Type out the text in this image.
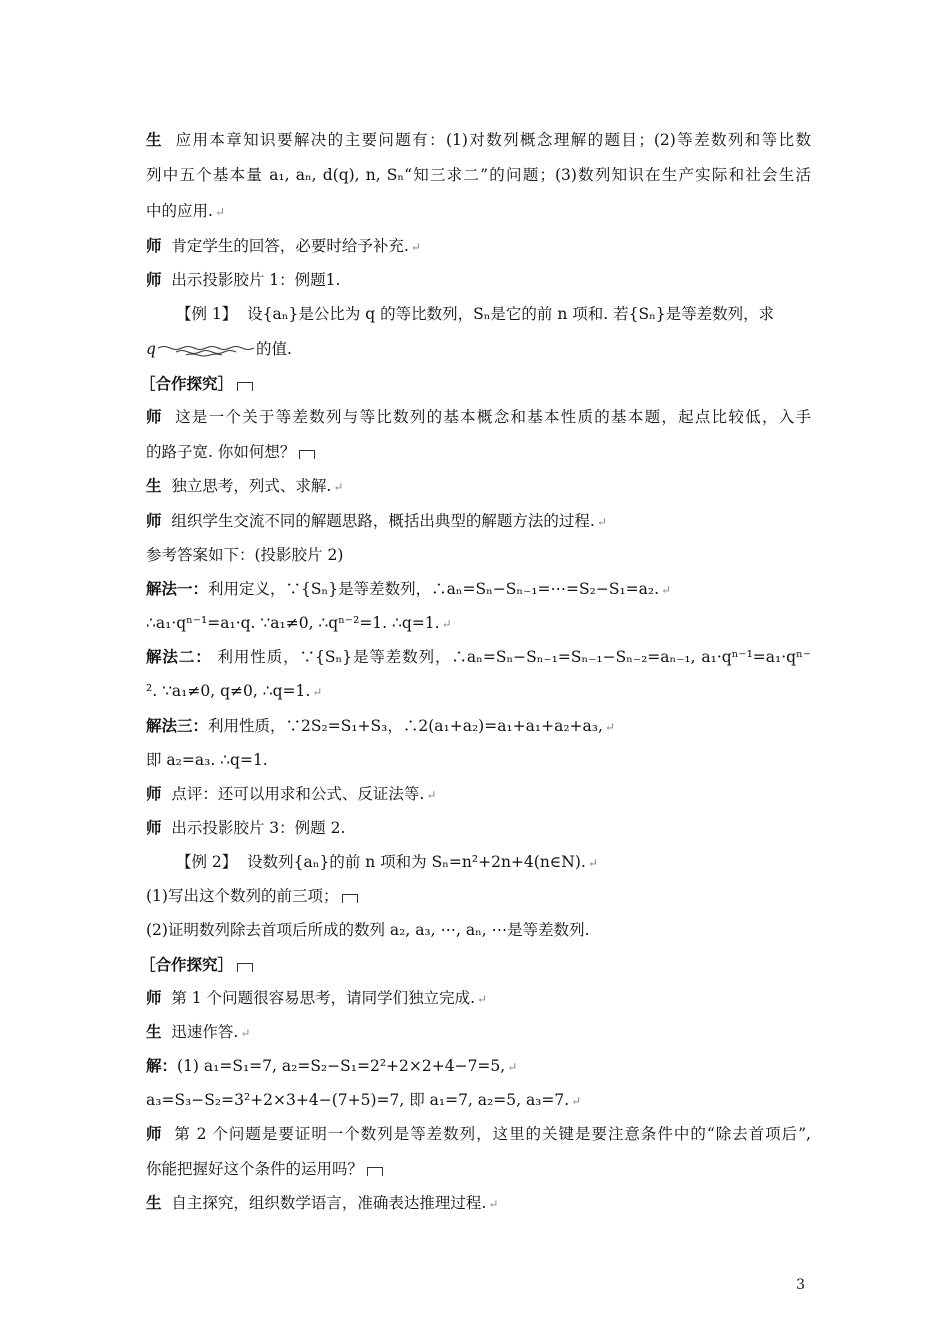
生 应用本章知识要解决的主要问题有：(1)对数列概念理解的题目；(2)等差数列和等比数
列中五个基本量 a₁, aₙ, d(q), n, Sₙ“知三求二”的问题；(3)数列知识在生产实际和社会生活
中的应用. ↵
师 肯定学生的回答，必要时给予补充. ↵
师 出示投影胶片 1：例题1.
【例 1】 设{aₙ}是公比为 q 的等比数列，Sₙ是它的前 n 项和. 若{Sₙ}是等差数列，求
q	的值.
［合作探究］
师 这是一个关于等差数列与等比数列的基本概念和基本性质的基本题，起点比较低，入手
的路子宽. 你如何想？
生 独立思考，列式、求解. ↵
师 组织学生交流不同的解题思路，概括出典型的解题方法的过程. ↵
参考答案如下：(投影胶片 2)
解法一：利用定义，∵{Sₙ}是等差数列，∴aₙ=Sₙ−Sₙ₋₁=⋯=S₂−S₁=a₂. ↵
∴a₁·qⁿ⁻¹=a₁·q. ∵a₁≠0, ∴qⁿ⁻²=1. ∴q=1. ↵
解法二： 利用性质，∵{Sₙ}是等差数列，∴aₙ=Sₙ−Sₙ₋₁=Sₙ₋₁−Sₙ₋₂=aₙ₋₁, a₁·qⁿ⁻¹=a₁·qⁿ⁻
². ∵a₁≠0, q≠0, ∴q=1. ↵
解法三：利用性质，∵2S₂=S₁+S₃，∴2(a₁+a₂)=a₁+a₁+a₂+a₃, ↵
即 a₂=a₃. ∴q=1.
师 点评：还可以用求和公式、反证法等. ↵
师 出示投影胶片 3：例题 2.
【例 2】 设数列{aₙ}的前 n 项和为 Sₙ=n²+2n+4(n∈N). ↵
(1)写出这个数列的前三项；
(2)证明数列除去首项后所成的数列 a₂, a₃, ⋯, aₙ, ⋯是等差数列.
［合作探究］
师 第 1 个问题很容易思考，请同学们独立完成. ↵
生 迅速作答. ↵
解：(1) a₁=S₁=7, a₂=S₂−S₁=2²+2×2+4−7=5, ↵
a₃=S₃−S₂=3²+2×3+4−(7+5)=7, 即 a₁=7, a₂=5, a₃=7. ↵
师 第 2 个问题是要证明一个数列是等差数列，这里的关键是要注意条件中的“除去首项后”,
你能把握好这个条件的运用吗？
生 自主探究，组织数学语言，准确表达推理过程. ↵
3
